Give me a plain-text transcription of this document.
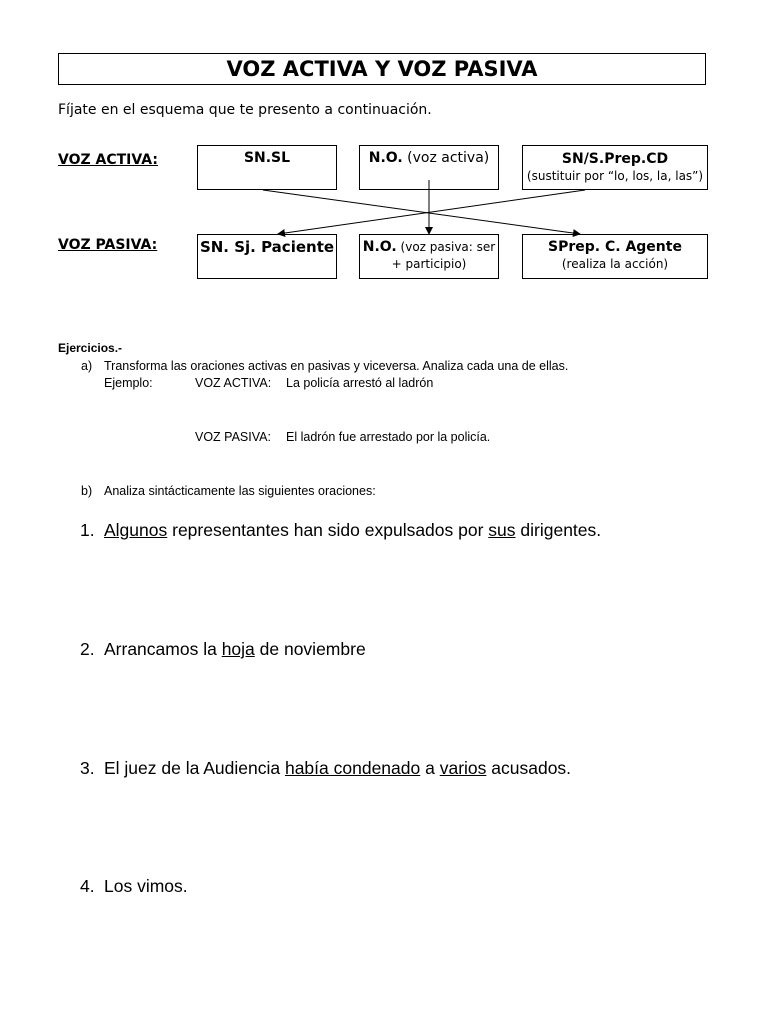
VOZ ACTIVA Y VOZ PASIVA
Fíjate en el esquema que te presento a continuación.
VOZ ACTIVA:
VOZ PASIVA:
SN.SL	N.O. (voz activa)	SN/S.Prep.CD
(sustituir por “lo, los, la, las”)
SN. Sj. Paciente N.O. (voz pasiva: ser + participio)
SPrep. C. Agente
(realiza la acción)
Ejercicios.-
a) Transforma las oraciones activas en pasivas y viceversa. Analiza cada una de ellas.
Ejemplo:	VOZ ACTIVA: La policía arrestó al ladrón
VOZ PASIVA: El ladrón fue arrestado por la policía.
b) Analiza sintácticamente las siguientes oraciones:
1. Algunos representantes han sido expulsados por sus dirigentes.
2. Arrancamos la hoja de noviembre
3. El juez de la Audiencia había condenado a varios acusados.
4. Los vimos.
